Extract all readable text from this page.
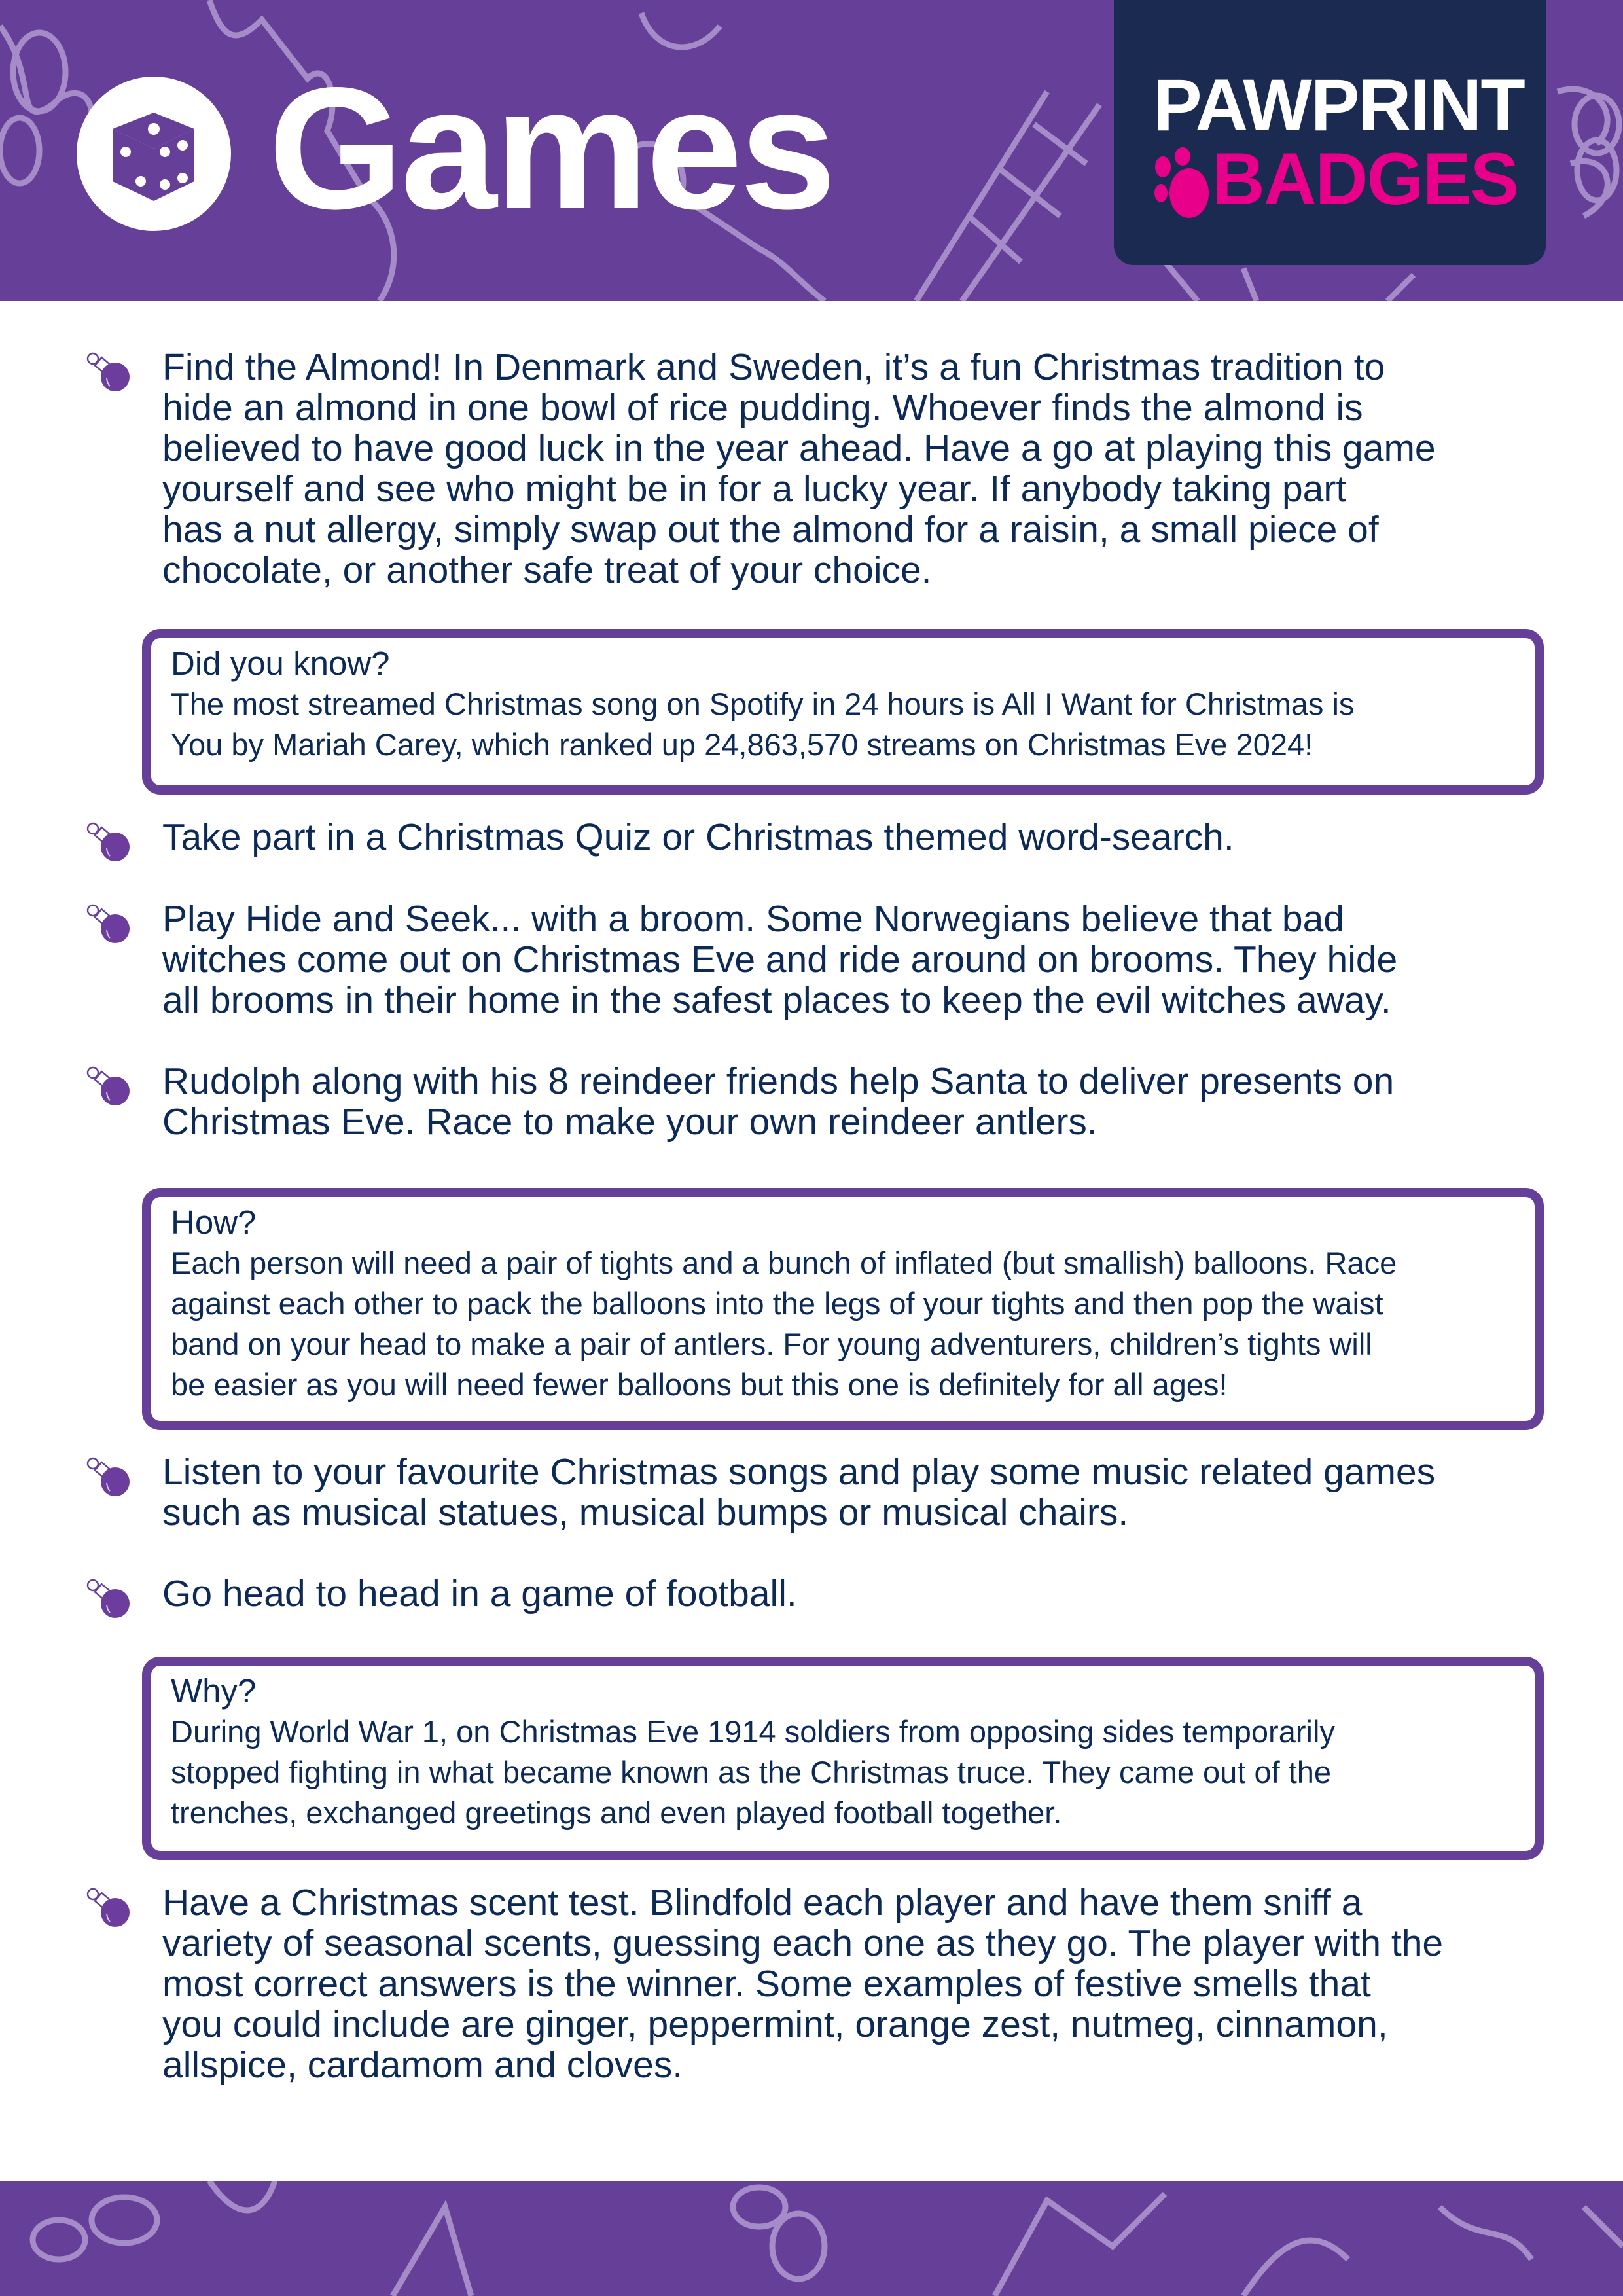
Games	PAWPRINT
BADGES
Find the Almond! In Denmark and Sweden, it’s a fun Christmas tradition to
hide an almond in one bowl of rice pudding. Whoever finds the almond is
believed to have good luck in the year ahead. Have a go at playing this game
yourself and see who might be in for a lucky year. If anybody taking part
has a nut allergy, simply swap out the almond for a raisin, a small piece of
chocolate, or another safe treat of your choice.
Take part in a Christmas Quiz or Christmas themed word-search.
Play Hide and Seek... with a broom. Some Norwegians believe that bad
witches come out on Christmas Eve and ride around on brooms. They hide
all brooms in their home in the safest places to keep the evil witches away.
Rudolph along with his 8 reindeer friends help Santa to deliver presents on
Christmas Eve. Race to make your own reindeer antlers.
Listen to your favourite Christmas songs and play some music related games
such as musical statues, musical bumps or musical chairs.
Go head to head in a game of football.
Have a Christmas scent test. Blindfold each player and have them sniff a
variety of seasonal scents, guessing each one as they go. The player with the
most correct answers is the winner. Some examples of festive smells that
you could include are ginger, peppermint, orange zest, nutmeg, cinnamon,
allspice, cardamom and cloves.
Did you know?
The most streamed Christmas song on Spotify in 24 hours is All I Want for Christmas is
You by Mariah Carey, which ranked up 24,863,570 streams on Christmas Eve 2024!
How?
Each person will need a pair of tights and a bunch of inflated (but smallish) balloons. Race
against each other to pack the balloons into the legs of your tights and then pop the waist
band on your head to make a pair of antlers. For young adventurers, children’s tights will
be easier as you will need fewer balloons but this one is definitely for all ages!
Why?
During World War 1, on Christmas Eve 1914 soldiers from opposing sides temporarily
stopped fighting in what became known as the Christmas truce. They came out of the
trenches, exchanged greetings and even played football together.
